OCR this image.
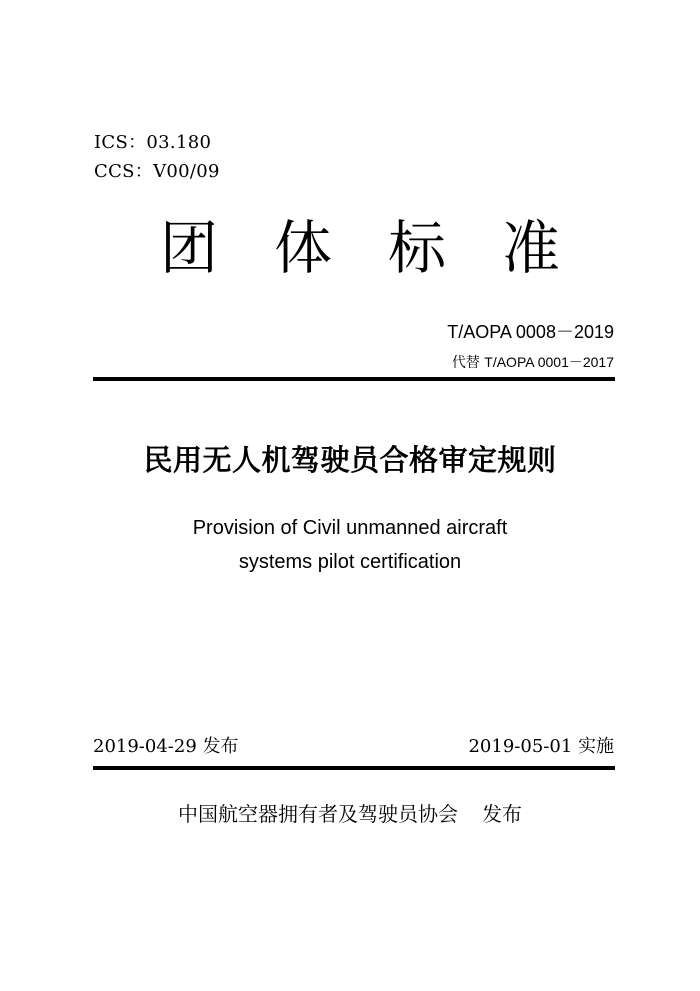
ICS：03.180
CCS：V00/09
团 体 标 准
T/AOPA 0008－2019
代替 T/AOPA 0001－2017
民用无人机驾驶员合格审定规则
Provision of Civil unmanned aircraft
systems pilot certification
2019-04-29 发布	2019-05-01 实施
中国航空器拥有者及驾驶员协会 发布
